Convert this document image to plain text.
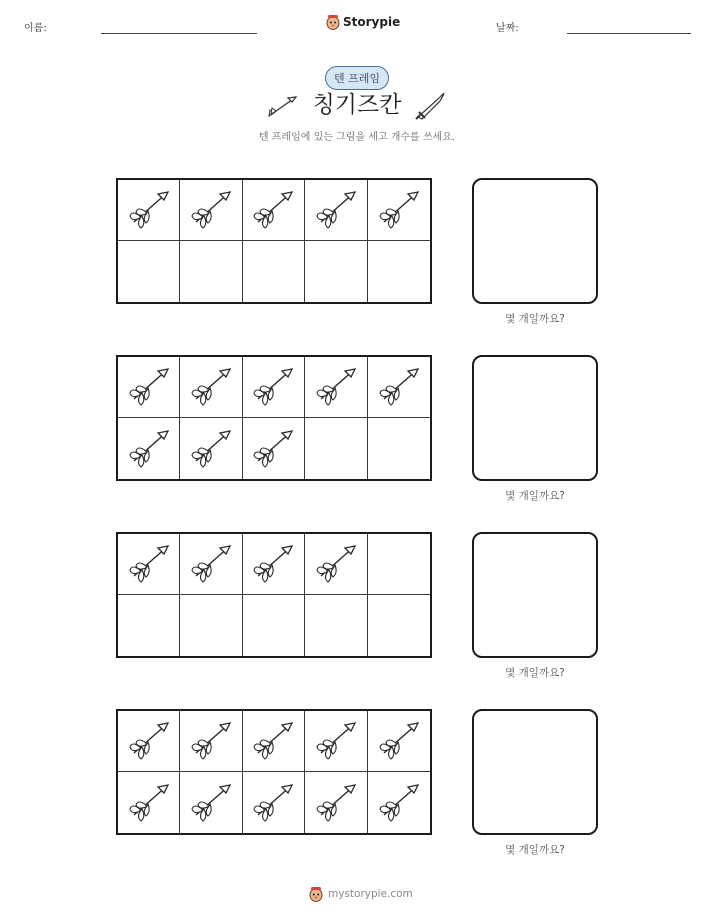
이름:	Storypie	날짜:
텐 프레임
칭기즈칸
텐 프레임에 있는 그림을 세고 개수를 쓰세요.
몇 개일까요?
몇 개일까요?
몇 개일까요?
몇 개일까요?
mystorypie.com
